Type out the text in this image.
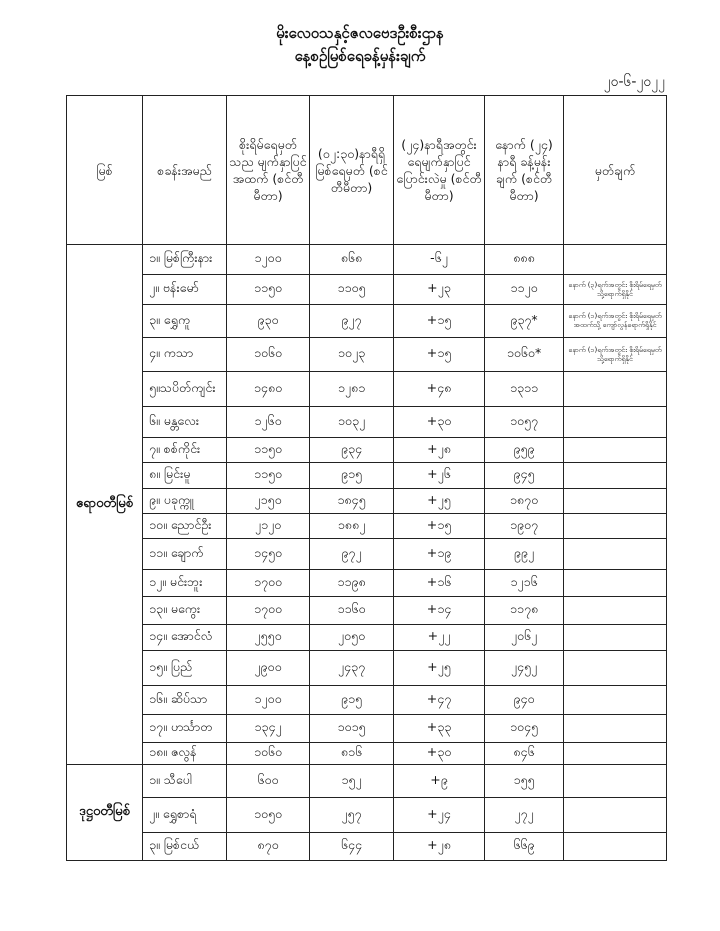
မိုးလေဝသနှင့်ဇလဗေဒဦးစီးဌာန
နေ့စဉ်မြစ်ရေခန့်မှန်းချက်
၂၀-၆-၂၀၂၂
မြစ်	စခန်းအမည်	စိုးရိမ်ရေမှတ် သည မျက်နှာပြင် အထက် (စင်တီမီတာ)	(၀၂:၃၀)နာရီရှိ မြစ်ရေမှတ် (စင်တီမီတာ)	(၂၄)နာရီအတွင်း ရေမျက်နှာပြင် ပြောင်းလဲမှု (စင်တီမီတာ)	နောက် (၂၄) နာရီ ခန့်မှန်းချက် (စင်တီမီတာ)	မှတ်ချက်
ဧရာဝတီမြစ်	၁။ မြစ်ကြီးနား	၁၂၀၀	၈၆၈	-၆၂	၈၈၈	
	၂။ ဗန်းမော်	၁၁၅၀	၁၁၀၅	+၂၃	၁၁၂၀	နောက် (၃)ရက်အတွင်း စိုးရိမ်ရေမှတ်သို့ရောက်ရှိနိုင်
	၃။ ရွှေကူ	၉၃၀	၉၂၇	+၁၅	၉၃၇*	နောက် (၁)ရက်အတွင်း စိုးရိမ်ရေမှတ် အထက်သို့ ကျော်လွန်ရောက်ရှိနိုင်
	၄။ ကသာ	၁၀၆၀	၁၀၂၃	+၁၅	၁၀၆၀*	နောက် (၁)ရက်အတွင်း စိုးရိမ်ရေမှတ်သို့ရောက်ရှိနိုင်
	၅။သပိတ်ကျင်း	၁၄၈၀	၁၂၈၁	+၄၈	၁၃၁၁	
	၆။ မန္တလေး	၁၂၆၀	၁၀၃၂	+၃၀	၁၀၅၇	
	၇။ စစ်ကိုင်း	၁၁၅၀	၉၃၄	+၂၈	၉၅၉	
	၈။ မြင်းမူ	၁၁၅၀	၉၁၅	+၂၆	၉၄၅	
	၉။ ပခုက္ကူ	၂၁၅၀	၁၈၄၅	+၂၅	၁၈၇၀	
	၁၀။ ညောင်ဦး	၂၁၂၀	၁၈၈၂	+၁၅	၁၉၀၇	
	၁၁။ ချောက်	၁၄၅၀	၉၇၂	+၁၉	၉၉၂	
	၁၂။ မင်းဘူး	၁၇၀၀	၁၁၉၈	+၁၆	၁၂၁၆	
	၁၃။ မကွေး	၁၇၀၀	၁၁၆၀	+၁၄	၁၁၇၈	
	၁၄။ အောင်လံ	၂၅၅၀	၂၀၅၀	+၂၂	၂၀၆၂	
	၁၅။ ပြည်	၂၉၀၀	၂၄၃၇	+၂၅	၂၄၅၂	
	၁၆။ ဆိပ်သာ	၁၂၀၀	၉၁၅	+၄၇	၉၄၀	
	၁၇။ ဟင်္သာတ	၁၃၄၂	၁၀၁၅	+၃၃	၁၀၄၅	
	၁၈။ ဇလွန်	၁၀၆၀	၈၁၆	+၃၀	၈၄၆	
ဒုဋ္ဌဝတီမြစ်	၁။ သီပေါ	၆၀၀	၁၅၂	+၉	၁၅၅	
	၂။ ရွှေစာရံ	၁၀၅၀	၂၅၇	+၂၄	၂၇၂	
	၃။ မြစ်ငယ်	၈၇၀	၆၄၄	+၂၈	၆၆၉	
